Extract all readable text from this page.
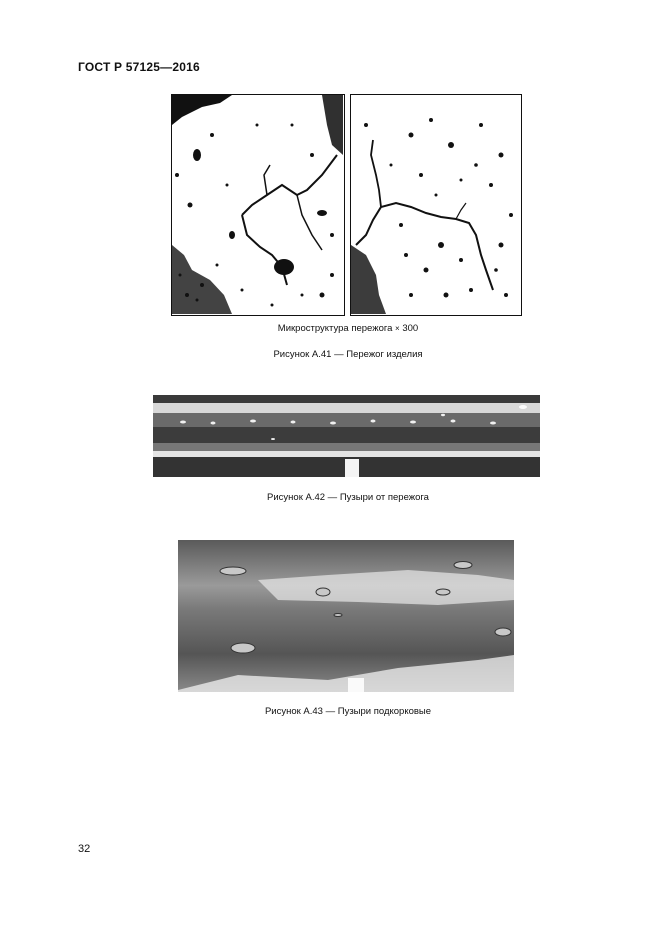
ГОСТ Р 57125—2016
Микроструктура пережога × 300
Рисунок А.41 — Пережог изделия
Рисунок А.42 — Пузыри от пережога
Рисунок А.43 — Пузыри подкорковые
32
